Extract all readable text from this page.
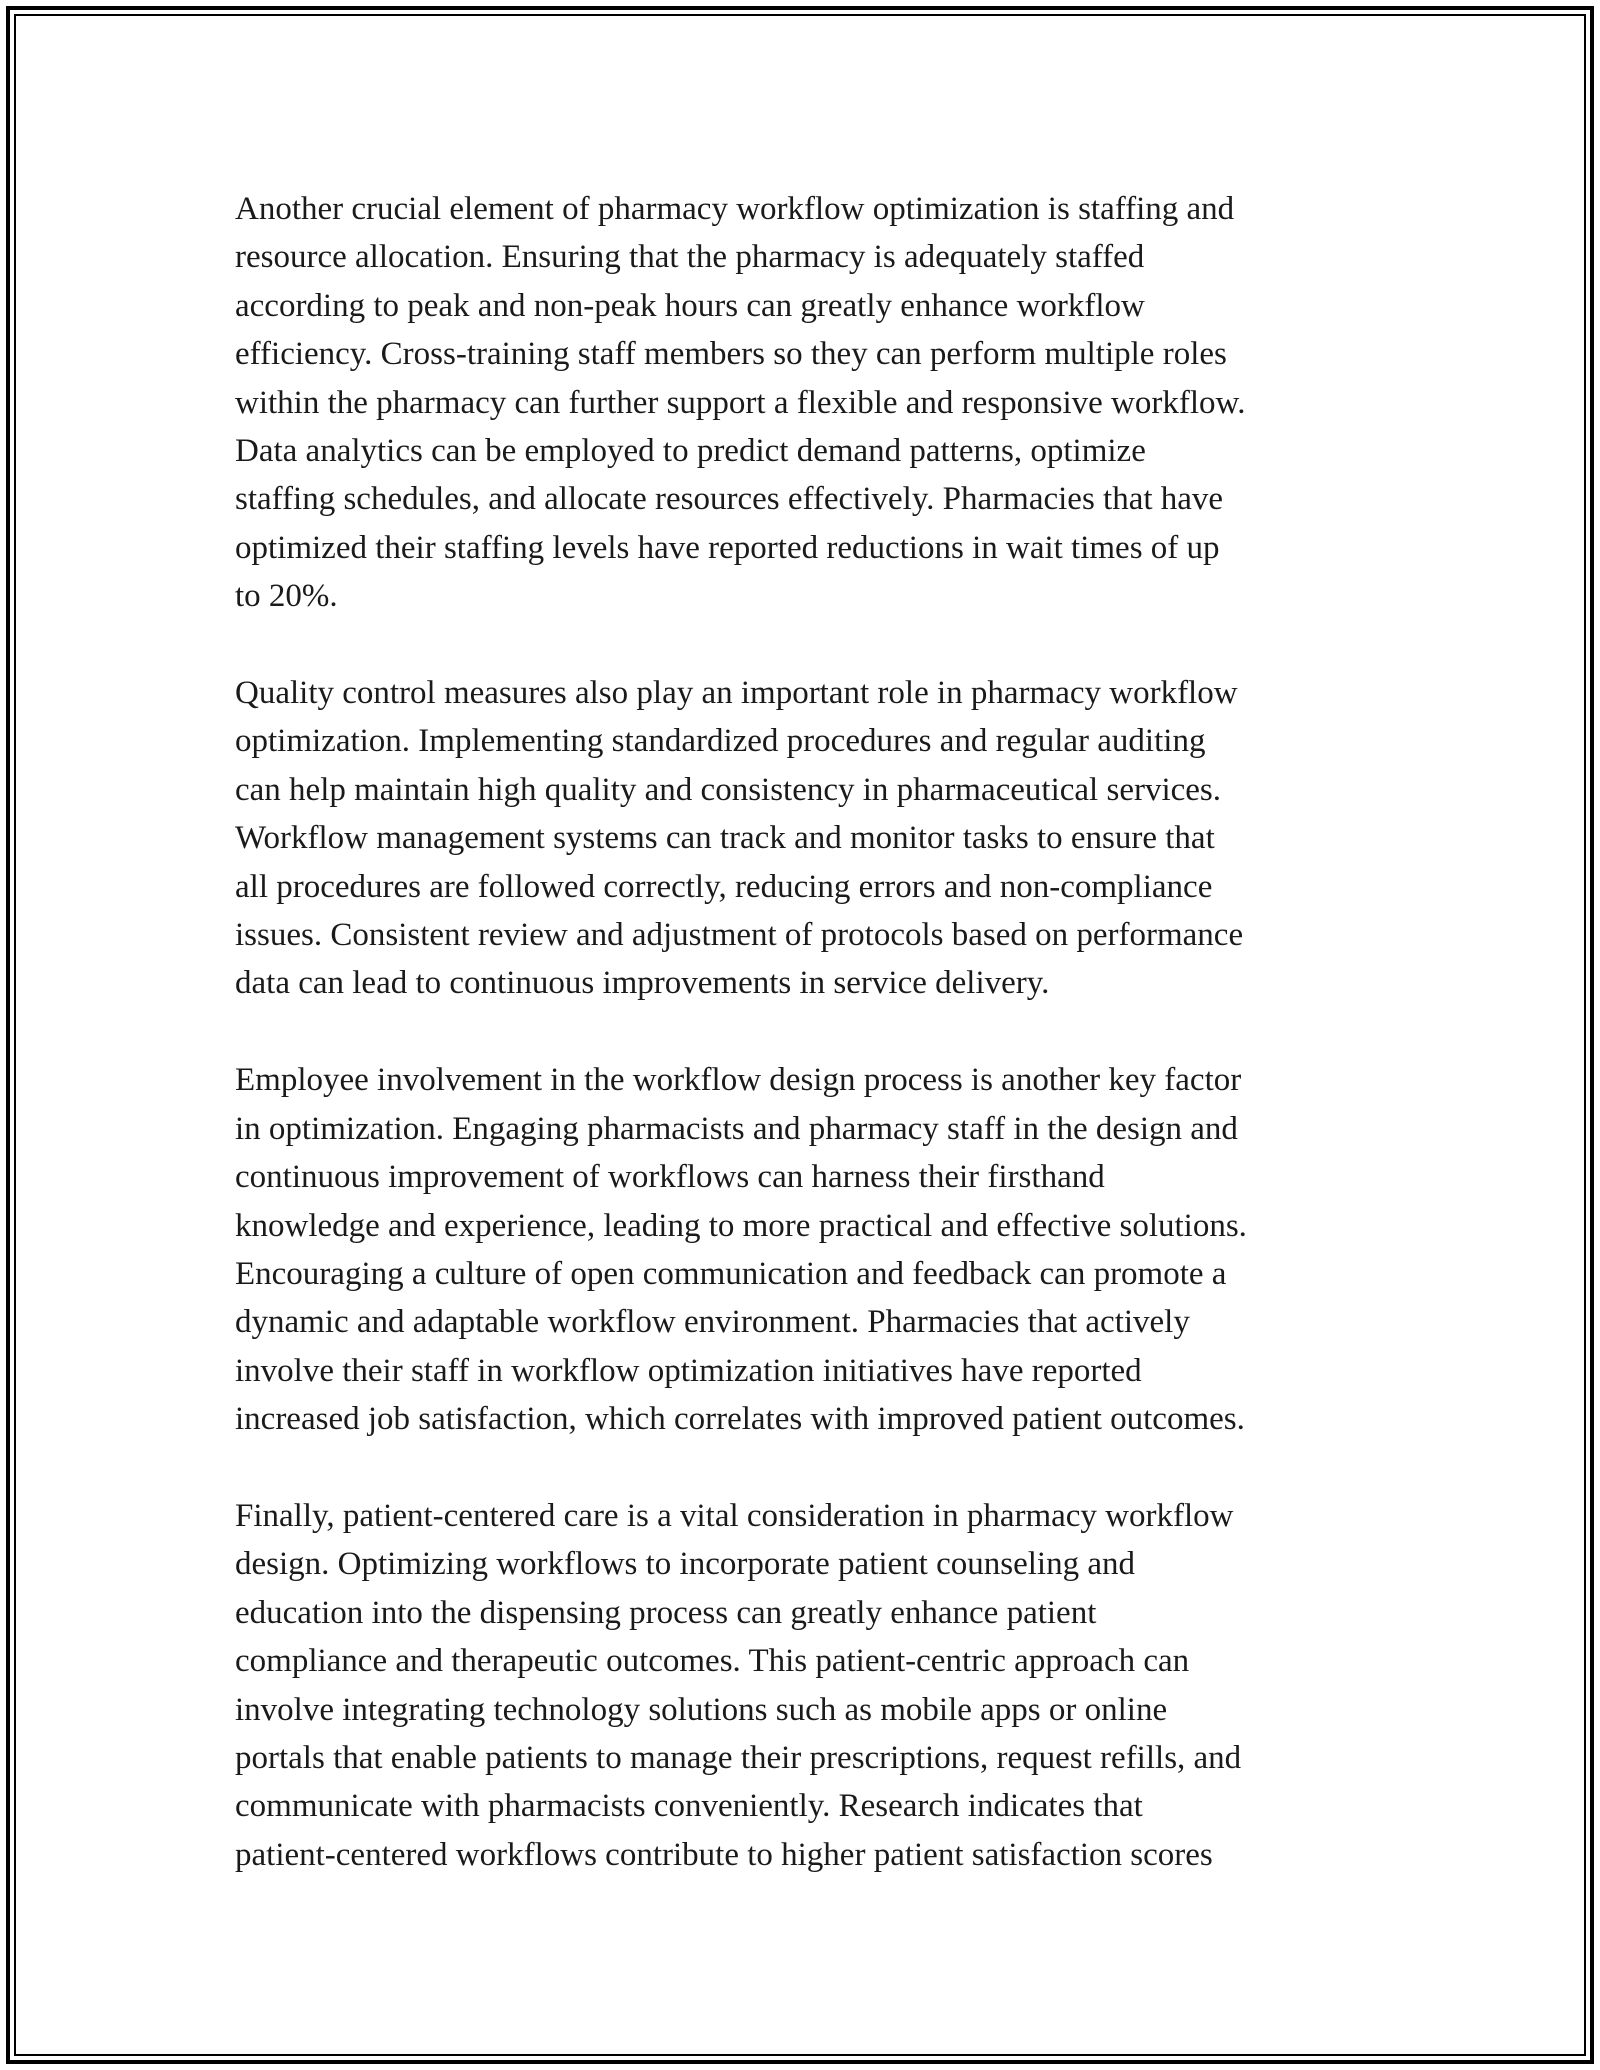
Another crucial element of pharmacy workflow optimization is staffing and
resource allocation. Ensuring that the pharmacy is adequately staffed
according to peak and non-peak hours can greatly enhance workflow
efficiency. Cross-training staff members so they can perform multiple roles
within the pharmacy can further support a flexible and responsive workflow.
Data analytics can be employed to predict demand patterns, optimize
staffing schedules, and allocate resources effectively. Pharmacies that have
optimized their staffing levels have reported reductions in wait times of up
to 20%.

Quality control measures also play an important role in pharmacy workflow
optimization. Implementing standardized procedures and regular auditing
can help maintain high quality and consistency in pharmaceutical services.
Workflow management systems can track and monitor tasks to ensure that
all procedures are followed correctly, reducing errors and non-compliance
issues. Consistent review and adjustment of protocols based on performance
data can lead to continuous improvements in service delivery.

Employee involvement in the workflow design process is another key factor
in optimization. Engaging pharmacists and pharmacy staff in the design and
continuous improvement of workflows can harness their firsthand
knowledge and experience, leading to more practical and effective solutions.
Encouraging a culture of open communication and feedback can promote a
dynamic and adaptable workflow environment. Pharmacies that actively
involve their staff in workflow optimization initiatives have reported
increased job satisfaction, which correlates with improved patient outcomes.

Finally, patient-centered care is a vital consideration in pharmacy workflow
design. Optimizing workflows to incorporate patient counseling and
education into the dispensing process can greatly enhance patient
compliance and therapeutic outcomes. This patient-centric approach can
involve integrating technology solutions such as mobile apps or online
portals that enable patients to manage their prescriptions, request refills, and
communicate with pharmacists conveniently. Research indicates that
patient-centered workflows contribute to higher patient satisfaction scores
